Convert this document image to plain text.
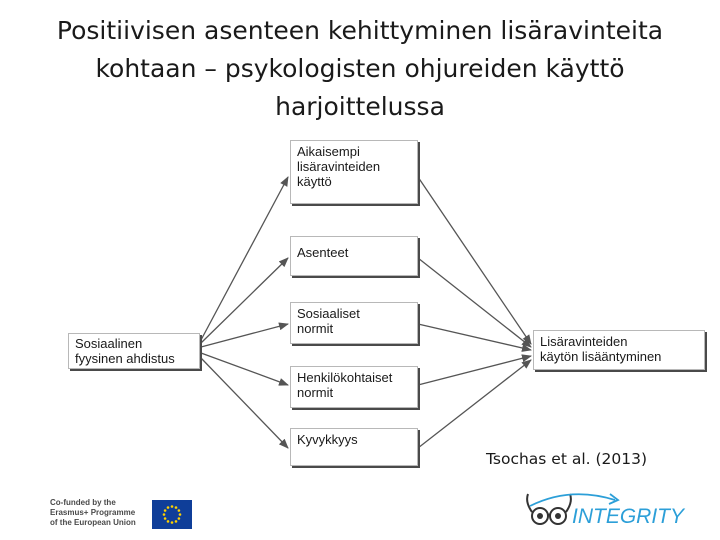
Positiivisen asenteen kehittyminen lisäravinteita
kohtaan – psykologisten ohjureiden käyttö
harjoittelussa
Aikaisempi
lisäravinteiden
käyttö
Asenteet
Sosiaaliset
normit
Henkilökohtaiset
normit
Kyvykkyys
Sosiaalinen
fyysinen ahdistus
Lisäravinteiden
käytön lisääntyminen
Tsochas et al. (2013)
Co-funded by the
Erasmus+ Programme
of the European Union	INTEGRITY
